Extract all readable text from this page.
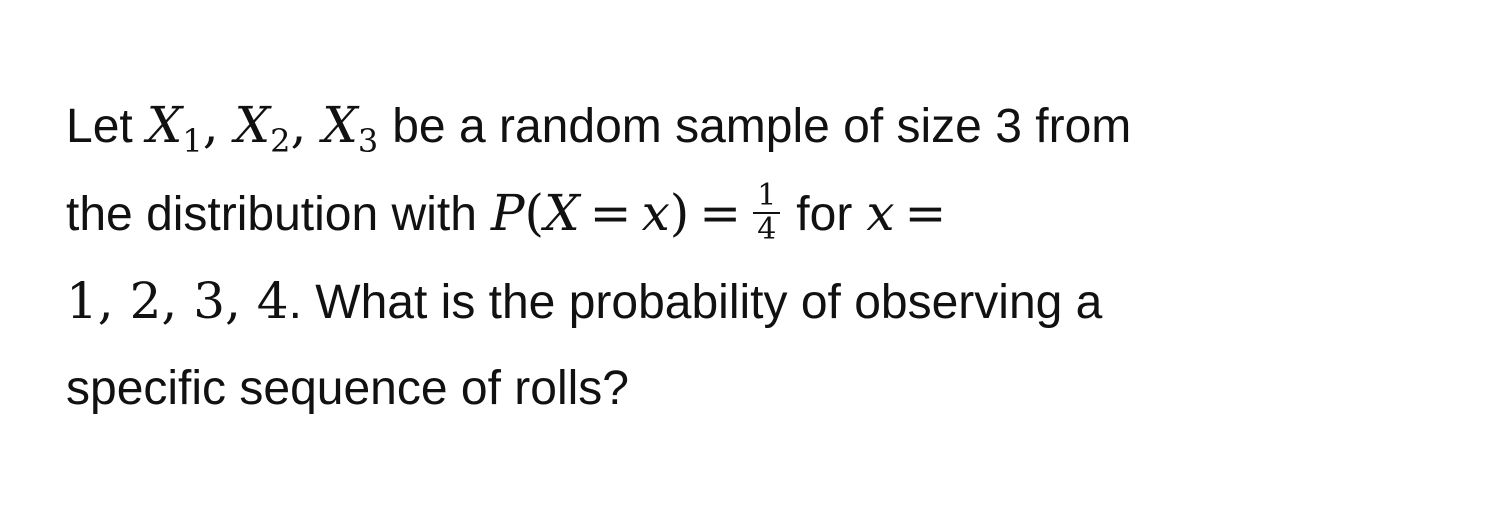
Let $X_1$, $X_2$, $X_3$ be a random sample of size 3 from
the distribution with $P(X = x) = \frac{1}{4}$ for x =
1, 2, 3, 4. What is the probability of observing a
specific sequence of rolls?
